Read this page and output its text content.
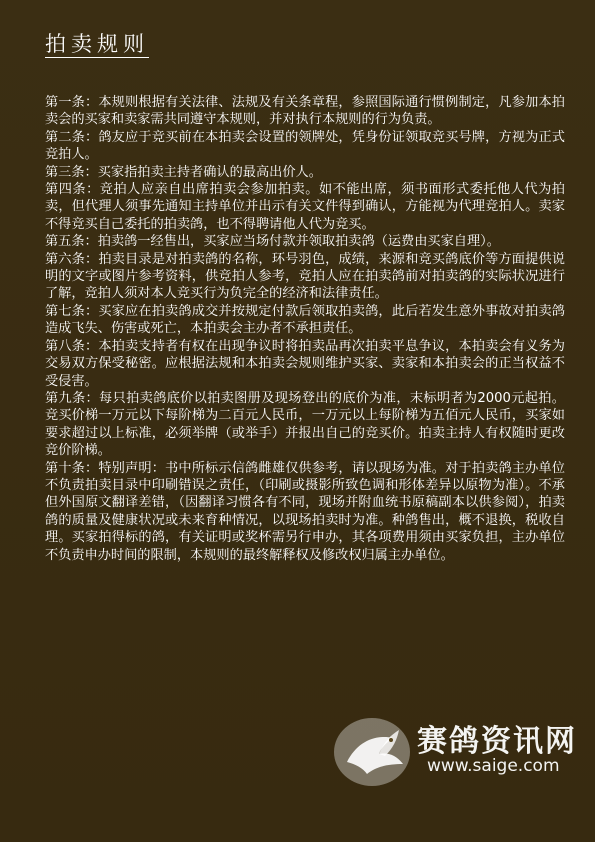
拍卖规则

第一条：本规则根据有关法律、法规及有关条章程，参照国际通行惯例制定，凡参加本拍卖会的买家和卖家需共同遵守本规则，并对执行本规则的行为负责。

第二条：鸽友应于竞买前在本拍卖会设置的领牌处，凭身份证领取竞买号牌，方视为正式竞拍人。

第三条：买家指拍卖主持者确认的最高出价人。

第四条：竞拍人应亲自出席拍卖会参加拍卖。如不能出席，须书面形式委托他人代为拍卖，但代理人须事先通知主持单位并出示有关文件得到确认，方能视为代理竞拍人。卖家不得竞买自己委托的拍卖鸽，也不得聘请他人代为竞买。

第五条：拍卖鸽一经售出，买家应当场付款并领取拍卖鸽（运费由买家自理）。

第六条：拍卖目录是对拍卖鸽的名称，环号羽色，成绩，来源和竞买鸽底价等方面提供说明的文字或图片参考资料，供竞拍人参考，竞拍人应在拍卖鸽前对拍卖鸽的实际状况进行了解，竞拍人须对本人竞买行为负完全的经济和法律责任。

第七条：买家应在拍卖鸽成交并按规定付款后领取拍卖鸽，此后若发生意外事故对拍卖鸽造成飞失、伤害或死亡，本拍卖会主办者不承担责任。

第八条：本拍卖支持者有权在出现争议时将拍卖品再次拍卖平息争议，本拍卖会有义务为交易双方保受秘密。应根据法规和本拍卖会规则维护买家、卖家和本拍卖会的正当权益不受侵害。

第九条：每只拍卖鸽底价以拍卖图册及现场登出的底价为准，末标明者为2000元起拍。竞买价梯一万元以下每阶梯为二百元人民币，一万元以上每阶梯为五佰元人民币，买家如要求超过以上标准，必须举牌（或举手）并报出自己的竞买价。拍卖主持人有权随时更改竞价阶梯。

第十条：特别声明：书中所标示信鸽雌雄仅供参考，请以现场为准。对于拍卖鸽主办单位不负责拍卖目录中印刷错误之责任，（印刷或摄影所致色调和形体差异以原物为准）。不承但外国原文翻译差错，（因翻译习惯各有不同，现场并附血统书原稿副本以供参阅），拍卖鸽的质量及健康状况或未来育种情况，以现场拍卖时为准。种鸽售出，概不退换，税收自理。买家拍得标的鸽，有关证明或奖杯需另行申办，其各项费用须由买家负担，主办单位不负责申办时间的限制，本规则的最终解释权及修改权归属主办单位。

赛鸽资讯网
www.saige.com
